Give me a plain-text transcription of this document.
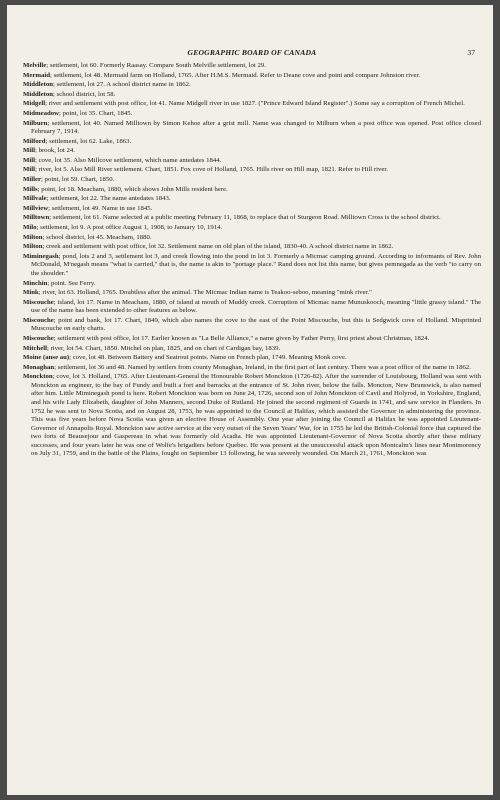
GEOGRAPHIC BOARD OF CANADA	37

Melville; settlement, lot 60. Formerly Raasay. Compare South Melville settlement, lot 29.

Mermaid; settlement, lot 48. Mermaid farm on Holland, 1765. After H.M.S. Mermaid. Refer to Deane cove and point and compare Johnston river.

Middleton; settlement, lot 27. A school district name in 1862.

Middleton; school district, lot 58.

Midgell; river and settlement with post office, lot 41. Name Midgell river in use 1827. ("Prince Edward Island Register".) Some say a corruption of French Michel.

Midmeadow; point, lot 35. Chart, 1845.

Milburn; settlement, lot 40. Named Milltown by Simon Kehoe after a grist mill. Name was changed to Milburn when a post office was opened. Post office closed February 7, 1914.

Milford; settlement, lot 62. Lake, 1863.

Mill; brook, lot 24.

Mill; cove, lot 35. Also Millcove settlement, which name antedates 1844.

Mill; river, lot 5. Also Mill River settlement. Chart, 1851. Fox cove of Holland, 1765. Hills river on Hill map, 1821. Refer to Hill river.

Miller; point, lot 59. Chart, 1850.

Mills; point, lot 18. Meacham, 1880, which shows John Mills resident here.

Millvale; settlement, lot 22. The name antedates 1843.

Millview; settlement, lot 49. Name in use 1845.

Milltown; settlement, lot 61. Name selected at a public meeting February 11, 1868, to replace that of Sturgeon Road. Milltown Cross is the school district.

Milo; settlement, lot 9. A post office August 1, 1908, to January 10, 1914.

Milton; school district, lot 45. Meacham, 1880.

Milton; creek and settlement with post office, lot 32. Settlement name on old plan of the island, 1830-40. A school district name in 1862.

Miminegash; pond, lots 2 and 3, settlement lot 3, and creek flowing into the pond in lot 3. Formerly a Micmac camping ground. According to informants of Rev. John McDonald, M'negash means "what is carried," that is, the name is akin to "portage place." Rand does not list this name, but gives pemnegada as the verb "to carry on the shoulder."

Minchin; point. See Ferry.

Mink; river, lot 63. Holland, 1765. Doubtless after the animal. The Micmac Indian name is Teakoo-seboo, meaning "mink river."

Miscouche; island, lot 17. Name in Meacham, 1880, of island at mouth of Muddy creek. Corruption of Micmac name Munuskooch, meaning "little grassy island." The use of the name has been extended to other features as below.

Miscouche; point and bank, lot 17. Chart, 1849, which also names the cove to the east of the Point Miscouche, but this is Sedgwick cove of Holland. Misprinted Muscouche on early charts.

Miscouche; settlement with post office, lot 17. Earlier known as "La Belle Alliance," a name given by Father Perry, first priest about Christmas, 1824.

Mitchell; river, lot 54. Chart, 1850. Mitchel on plan, 1825, and on chart of Cardigan bay, 1839.

Moine (anse au); cove, lot 48. Between Battery and Seatrout points. Name on French plan, 1749. Meaning Monk cove.

Monaghan; settlement, lot 36 and 48. Named by settlers from county Monaghan, Ireland, in the first part of last century. There was a post office of the name in 1862.

Monckton; cove, lot 3. Holland, 1765. After Lieutenant-General the Honourable Robert Monckton (1726-82). After the surrender of Louisbourg, Holland was sent with Monckton as engineer, to the bay of Fundy and built a fort and barracks at the entrance of St. John river, below the falls. Moncton, New Brunswick, is also named after him. Little Miminegash pond is here. Robert Monckton was born on June 24, 1726, second son of John Monckton of Cavil and Holyrod, in Yorkshire, England, and his wife Lady Elizabeth, daughter of John Manners, second Duke of Rutland. He joined the second regiment of Guards in 1741, and saw service in Flanders. In 1752 he was sent to Nova Scotia, and on August 28, 1753, he was appointed to the Council at Halifax, which assisted the Governor in administering the province. This was five years before Nova Scotia was given an elective House of Assembly. One year after joining the Council at Halifax he was appointed Lieutenant-Governor of Annapolis Royal. Monckton saw active service at the very outset of the Seven Years' War, for in 1755 he led the British-Colonial force that captured the two forts of Beausejour and Gaspereau in what was formerly old Acadia. He was appointed Lieutenant-Governor of Nova Scotia shortly after these military successes, and four years later he was one of Wolfe's brigadiers before Quebec. He was present at the unsuccessful attack upon Montcalm's lines near Montmorency on July 31, 1759, and in the battle of the Plains, fought on September 13 following, he was severely wounded. On March 21, 1761, Monckton was
